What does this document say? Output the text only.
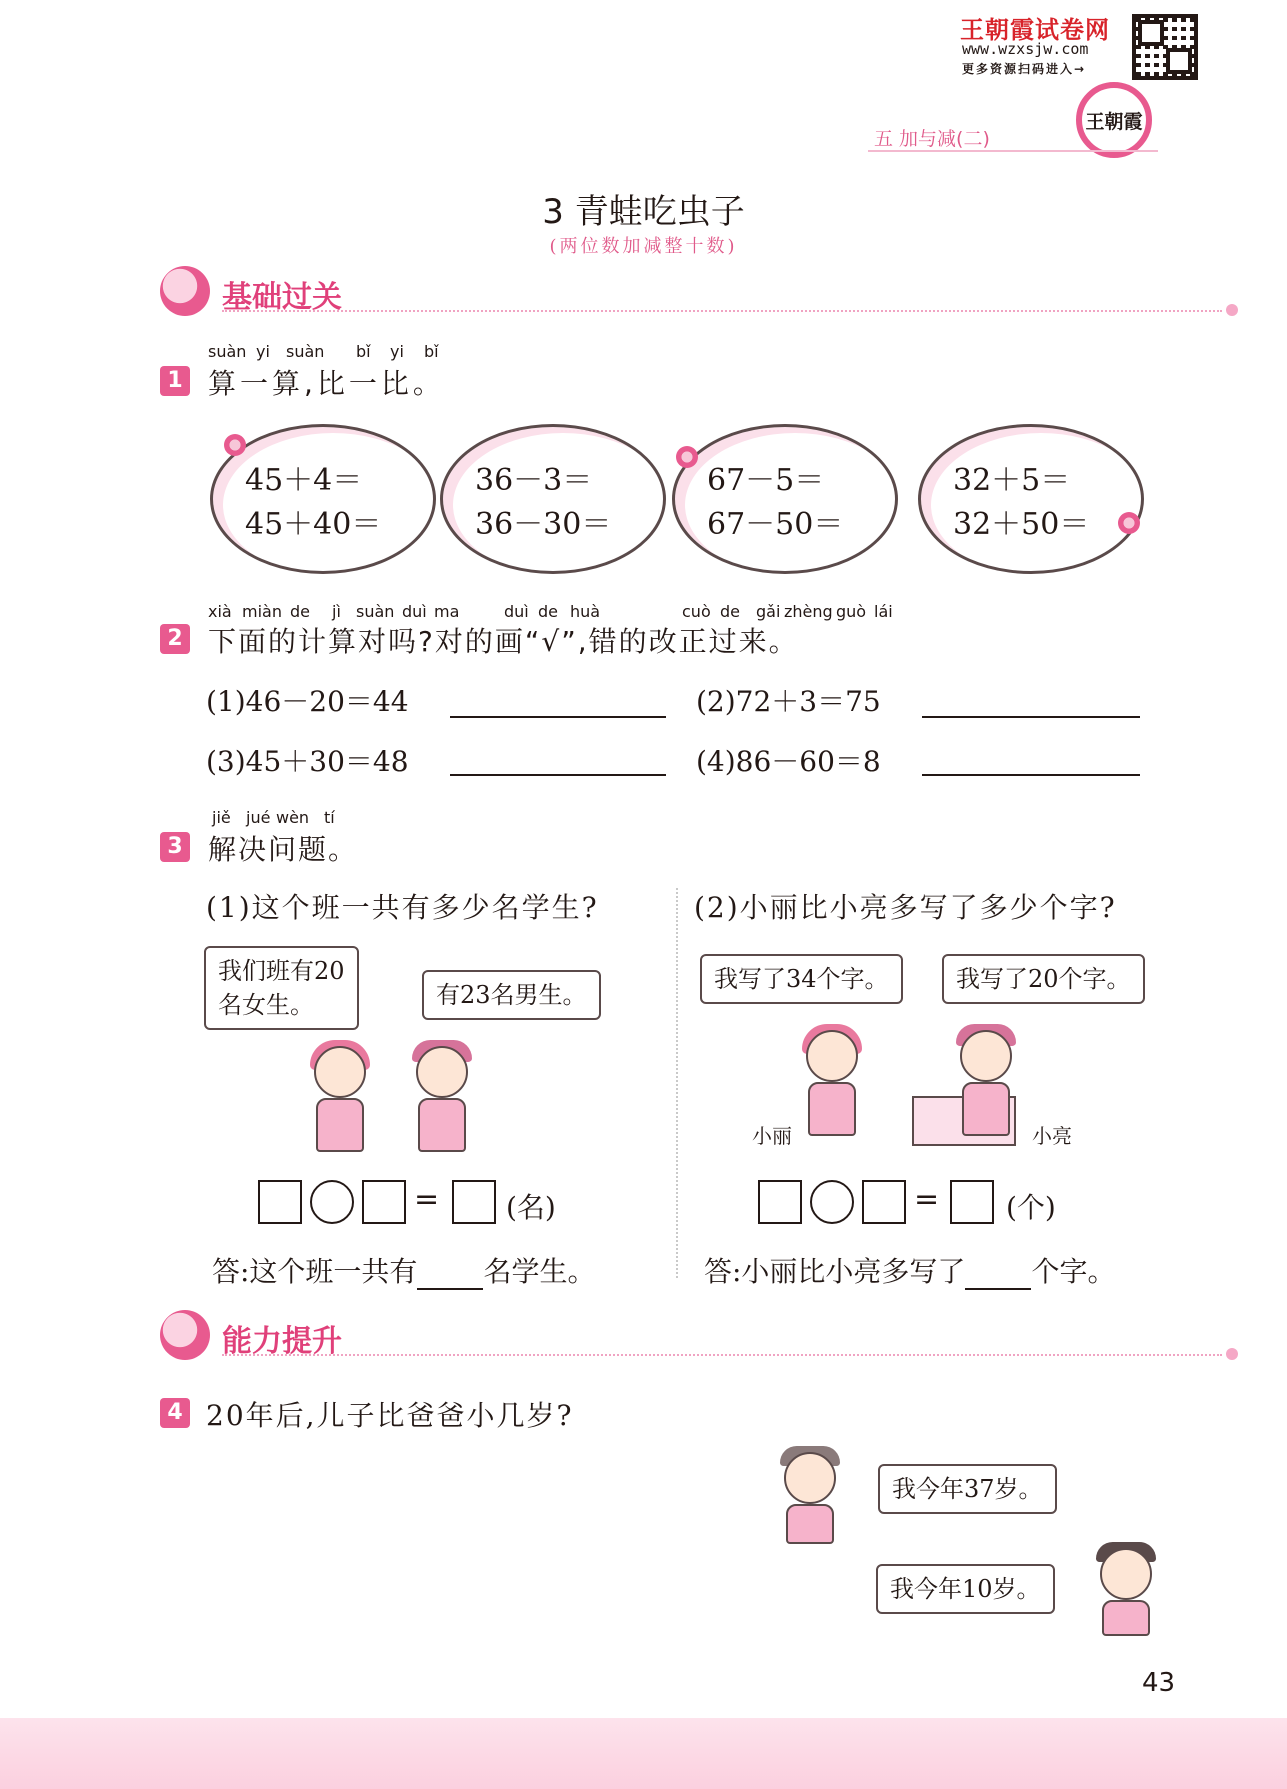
王朝霞试卷网
www.wzxsjw.com
更多资源扫码进入→
王朝霞
五 加与减(二)
3 青蛙吃虫子
(两位数加减整十数)
基础过关
suàn yi suàn bǐ yi bǐ
1 算一算,比一比。
45＋4＝
45＋40＝
36－3＝
36－30＝
67－5＝
67－50＝
32＋5＝
32＋50＝
xià miàn de jì suàn duì ma	duì de huà	cuò de gǎi zhèng guò lái
2 下面的计算对吗?对的画“√”,错的改正过来。
(1)46－20＝44	(2)72＋3＝75
(3)45＋30＝48	(4)86－60＝8
jiě jué wèn tí
3 解决问题。
(1)这个班一共有多少名学生?
我们班有20
名女生。	有23名男生。
= (名)
答:这个班一共有 名学生。
(2)小丽比小亮多写了多少个字?
我写了34个字。	我写了20个字。
小丽	小亮
= (个)
答:小丽比小亮多写了 个字。
能力提升
4 20年后,儿子比爸爸小几岁?
我今年37岁。
我今年10岁。
43
